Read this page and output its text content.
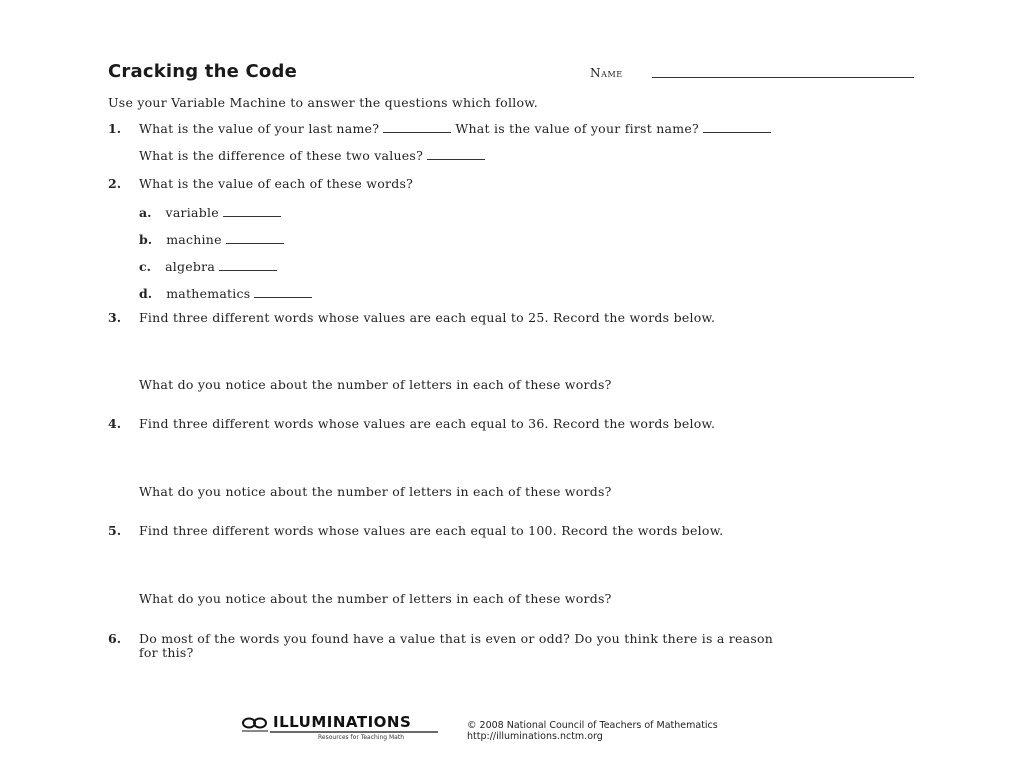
Cracking the Code	Name
Use your Variable Machine to answer the questions which follow.
1. What is the value of your last name?	What is the value of your first name?
What is the difference of these two values?
2. What is the value of each of these words?
a. variable
b. machine
c. algebra
d. mathematics
3. Find three different words whose values are each equal to 25. Record the words below.
What do you notice about the number of letters in each of these words?
4. Find three different words whose values are each equal to 36. Record the words below.
What do you notice about the number of letters in each of these words?
5. Find three different words whose values are each equal to 100. Record the words below.
What do you notice about the number of letters in each of these words?
6. Do most of the words you found have a value that is even or odd? Do you think there is a reason
for this?
ILLUMINATIONS
Resources for Teaching Math
© 2008 National Council of Teachers of Mathematics
http://illuminations.nctm.org
